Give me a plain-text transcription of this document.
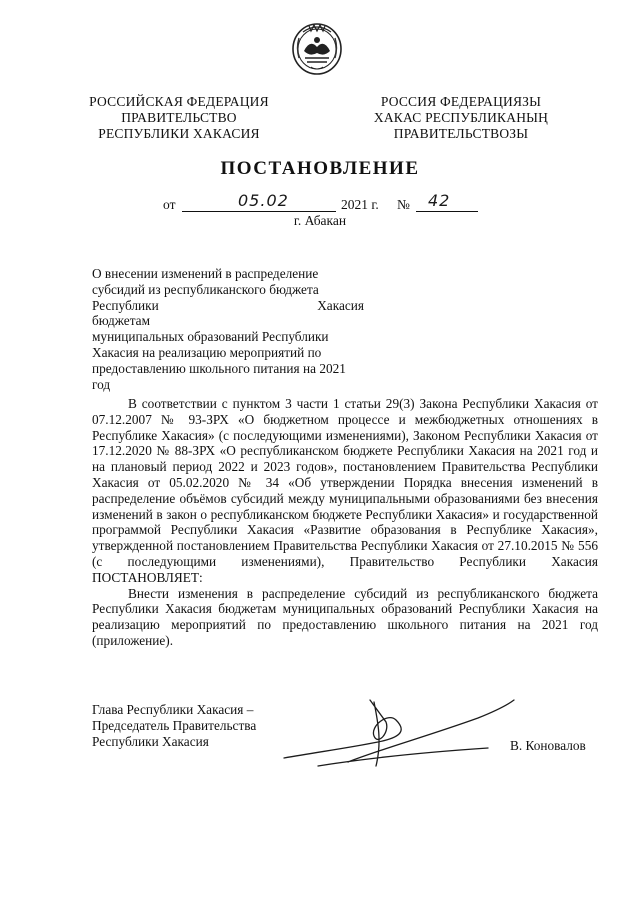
РОССИЙСКАЯ ФЕДЕРАЦИЯ
ПРАВИТЕЛЬСТВО
РЕСПУБЛИКИ ХАКАСИЯ
РОССИЯ ФЕДЕРАЦИЯЗЫ
ХАКАС РЕСПУБЛИКАНЫҢ
ПРАВИТЕЛЬСТВОЗЫ
ПОСТАНОВЛЕНИЕ
от	05.02	2021 г. № 42
г. Абакан
О внесении изменений в распределение
субсидий из республиканского бюджета
Республики Хакасия бюджетам
муниципальных образований Республики
Хакасия на реализацию мероприятий по
предоставлению школьного питания на 2021
год

В соответствии с пунктом 3 части 1 статьи 29(3) Закона Республики Хакасия от 07.12.2007 № 93-ЗРХ «О бюджетном процессе и межбюджетных отношениях в Республике Хакасия» (с последующими изменениями), Законом Республики Хакасия от 17.12.2020 № 88-ЗРХ «О республиканском бюджете Республики Хакасия на 2021 год и на плановый период 2022 и 2023 годов», постановлением Правительства Республики Хакасия от 05.02.2020 № 34 «Об утверждении Порядка внесения изменений в распределение объёмов субсидий между муниципальными образованиями без внесения изменений в закон о республиканском бюджете Республики Хакасия» и государственной программой Республики Хакасия «Развитие образования в Республике Хакасия», утвержденной постановлением Правительства Республики Хакасия от 27.10.2015 № 556 (с последующими изменениями), Правительство Республики Хакасия ПОСТАНОВЛЯЕТ:

Внести изменения в распределение субсидий из республиканского бюджета Республики Хакасия бюджетам муниципальных образований Республики Хакасия на реализацию мероприятий по предоставлению школьного питания на 2021 год (приложение).

Глава Республики Хакасия –
Председатель Правительства
Республики Хакасия	В. Коновалов
